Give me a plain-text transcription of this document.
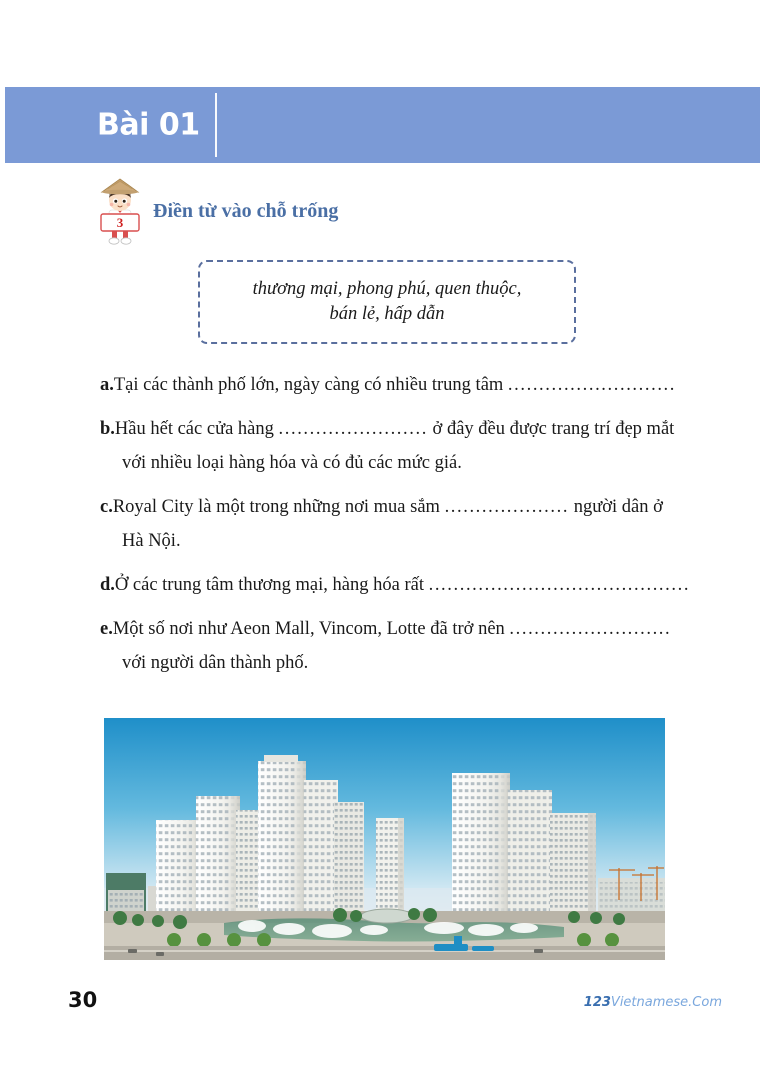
Bài 01
3
Điền từ vào chỗ trống
thương mại, phong phú, quen thuộc,
bán lẻ, hấp dẫn
a.Tại các thành phố lớn, ngày càng có nhiều trung tâm ...........................
b.Hầu hết các cửa hàng ........................ ở đây đều được trang trí đẹp mắt
với nhiều loại hàng hóa và có đủ các mức giá.
c.Royal City là một trong những nơi mua sắm .................... người dân ở
Hà Nội.
d.Ở các trung tâm thương mại, hàng hóa rất ..........................................
e.Một số nơi như Aeon Mall, Vincom, Lotte đã trở nên ..........................
với người dân thành phố.
30	123Vietnamese.Com
